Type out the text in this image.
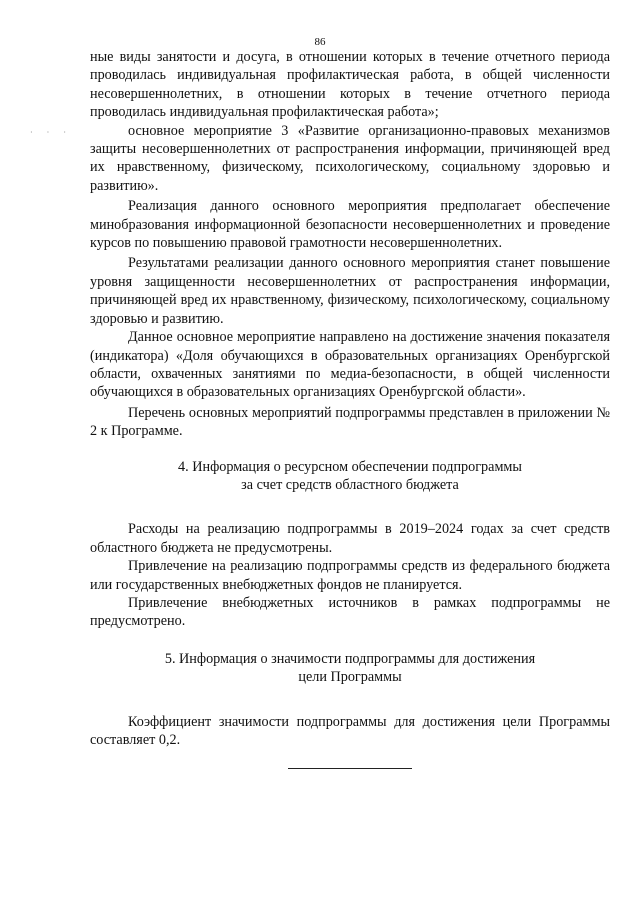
86
· · ·

ные виды занятости и досуга, в отношении которых в течение отчетного периода проводилась индивидуальная профилактическая работа, в общей численности несовершеннолетних, в отношении которых в течение отчетного периода проводилась индивидуальная профилактическая работа»;

основное мероприятие 3 «Развитие организационно-правовых механизмов защиты несовершеннолетних от распространения информации, причиняющей вред их нравственному, физическому, психологическому, социальному здоровью и развитию».

Реализация данного основного мероприятия предполагает обеспечение минобразования информационной безопасности несовершеннолетних и проведение курсов по повышению правовой грамотности несовершеннолетних.

Результатами реализации данного основного мероприятия станет повышение уровня защищенности несовершеннолетних от распространения информации, причиняющей вред их нравственному, физическому, психологическому, социальному здоровью и развитию.

Данное основное мероприятие направлено на достижение значения показателя (индикатора) «Доля обучающихся в образовательных организациях Оренбургской области, охваченных занятиями по медиа-безопасности, в общей численности обучающихся в образовательных организациях Оренбургской области».

Перечень основных мероприятий подпрограммы представлен в приложении № 2 к Программе.

4. Информация о ресурсном обеспечении подпрограммы
за счет средств областного бюджета

Расходы на реализацию подпрограммы в 2019–2024 годах за счет средств областного бюджета не предусмотрены.

Привлечение на реализацию подпрограммы средств из федерального бюджета или государственных внебюджетных фондов не планируется.

Привлечение внебюджетных источников в рамках подпрограммы не предусмотрено.

5. Информация о значимости подпрограммы для достижения
цели Программы

Коэффициент значимости подпрограммы для достижения цели Программы составляет 0,2.
